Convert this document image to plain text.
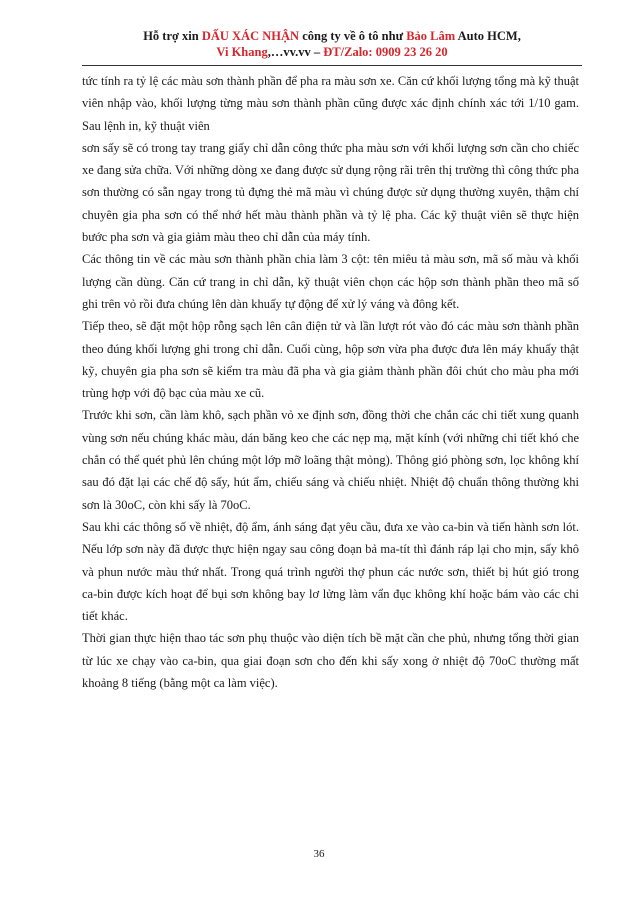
Hỗ trợ xin DẤU XÁC NHẬN công ty về ô tô như Bảo Lâm Auto HCM,
Vi Khang,…vv.vv – ĐT/Zalo: 0909 23 26 20

tức tính ra tỷ lệ các màu sơn thành phần để pha ra màu sơn xe. Căn cứ khối lượng tổng mà kỹ thuật viên nhập vào, khối lượng từng màu sơn thành phần cũng được xác định chính xác tới 1/10 gam. Sau lệnh in, kỹ thuật viên

sơn sấy sẽ có trong tay trang giấy chỉ dẫn công thức pha màu sơn với khối lượng sơn cần cho chiếc xe đang sửa chữa. Với những dòng xe đang được sử dụng rộng rãi trên thị trường thì công thức pha sơn thường có sẵn ngay trong tủ đựng thẻ mã màu vì chúng được sử dụng thường xuyên, thậm chí chuyên gia pha sơn có thể nhớ hết màu thành phần và tỷ lệ pha. Các kỹ thuật viên sẽ thực hiện bước pha sơn và gia giảm màu theo chỉ dẫn của máy tính.

Các thông tin về các màu sơn thành phần chia làm 3 cột: tên miêu tả màu sơn, mã số màu và khối lượng cần dùng. Căn cứ trang in chỉ dẫn, kỹ thuật viên chọn các hộp sơn thành phần theo mã số ghi trên vỏ rồi đưa chúng lên dàn khuấy tự động để xử lý váng và đông kết.

Tiếp theo, sẽ đặt một hộp rỗng sạch lên cân điện tử và lần lượt rót vào đó các màu sơn thành phần theo đúng khối lượng ghi trong chỉ dẫn. Cuối cùng, hộp sơn vừa pha được đưa lên máy khuấy thật kỹ, chuyên gia pha sơn sẽ kiểm tra màu đã pha và gia giảm thành phần đôi chút cho màu pha mới trùng hợp với độ bạc của màu xe cũ.

Trước khi sơn, cần làm khô, sạch phần vỏ xe định sơn, đồng thời che chắn các chi tiết xung quanh vùng sơn nếu chúng khác màu, dán băng keo che các nẹp mạ, mặt kính (với những chi tiết khó che chắn có thể quét phủ lên chúng một lớp mỡ loãng thật mỏng). Thông gió phòng sơn, lọc không khí sau đó đặt lại các chế độ sấy, hút ẩm, chiếu sáng và chiếu nhiệt. Nhiệt độ chuẩn thông thường khi sơn là 30oC, còn khi sấy là 70oC.

Sau khi các thông số về nhiệt, độ ẩm, ánh sáng đạt yêu cầu, đưa xe vào ca-bin và tiến hành sơn lót. Nếu lớp sơn này đã được thực hiện ngay sau công đoạn bả ma-tít thì đánh ráp lại cho mịn, sấy khô và phun nước màu thứ nhất. Trong quá trình người thợ phun các nước sơn, thiết bị hút gió trong ca-bin được kích hoạt để bụi sơn không bay lơ lửng làm vẩn đục không khí hoặc bám vào các chi tiết khác.

Thời gian thực hiện thao tác sơn phụ thuộc vào diện tích bề mặt cần che phủ, nhưng tổng thời gian từ lúc xe chạy vào ca-bin, qua giai đoạn sơn cho đến khi sấy xong ở nhiệt độ 70oC thường mất khoảng 8 tiếng (bằng một ca làm việc).

36
